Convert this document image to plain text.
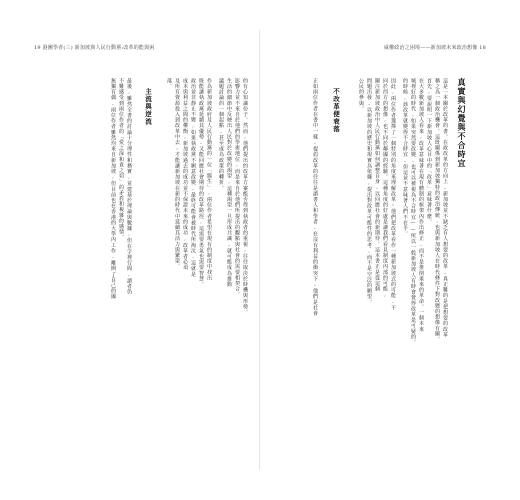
19 港團學者(三) 新加坡與人民行動黨:改革的能與困	威權政治之困境——新加坡未來政治想像 18
真實與幻覺與不合時宜
這是一本關於改革的書。在政改革的方向上,新加坡並不缺乏有人想要的改革,真正難的是把想要的改革
稱之為一個政治機會。這既關係到新加坡獨特的政治傳統,也與新加坡人在時代條件下對改變的想像有關。
首先,要說明一下新加坡人心目中的「改革」意味著什麼。
在大多數新加坡人看來,改革意味著在現有體制的框架內作出修正,而不是推倒重來的革命。一個本來
城裡好的時代,如果突然要改變,也可以被視為不合時宜——所以一般新加坡人有時會覺得改革是可疑的。
的時候,該改革就變得不合時宜,但這並不意味著人們不在乎。
因此,兩位作者選擇了一個特別的角度來理解改革:他們把改革看作一種新加坡式的可能,不
同於西方的想像,也不同於鄰國的經驗。這種角度的好處是讓我們看見制度內部的可能,
關注新加坡政治中人民行動黨如何調整自身,以回應社會的新期待。這本書正是從這個
問題出發,以新加坡的歷史和現實為依據,提出對改革可能性的思考,而不是空泛的願望。
公民的參與。
不改革便衰落
正如兩位作者在書中一樣,提倡改革的往往是讀書人和學者,在沒有利益的衝突下,他們是社會
的有心知識份子。然而,他們提出的改革方案能否得到執政者的重視,往往取決於時機與形勢。
影響力並不來自於他們的學術地位,而是來自於他們所提出的觀點與社會的需要相契合。
生活的細節中反映出人民對於改變的渴望,這種渴望一旦形成共識,就可能成為推動
議題討論的一個起點,甚至成為政策的轉折。
作為新加坡政府及人民行動黨的一位「醫生」,兩位作者希望在現有的制度中找出
既能讓執政黨延續其優勢,又能回應社會期待的改革路徑,這需要勇氣也需要智慧。
政治並非靜止不變,如果執政黨不願意改變,最終可能會被時代所淘汰,這就是
成本與利益之間的權衡,新加坡過去的成功並不保證未來的成功,改革者必須
及所有資源投入到改革中去,才能讓新加坡在新的時代中延續其活力與繁榮。
落。
主流與逆流
最後,雖然全書的討論十分理性和務實,並建基於理論與數據,但在字裡行間,讀者仍
不難感受到兩位作者的「愛之深和責之切」的矛盾和複雜的感情。
無獨有偶,兩位作者雖然均來自新加坡,但目前也在香港的大學內工作,離開了自己的國
